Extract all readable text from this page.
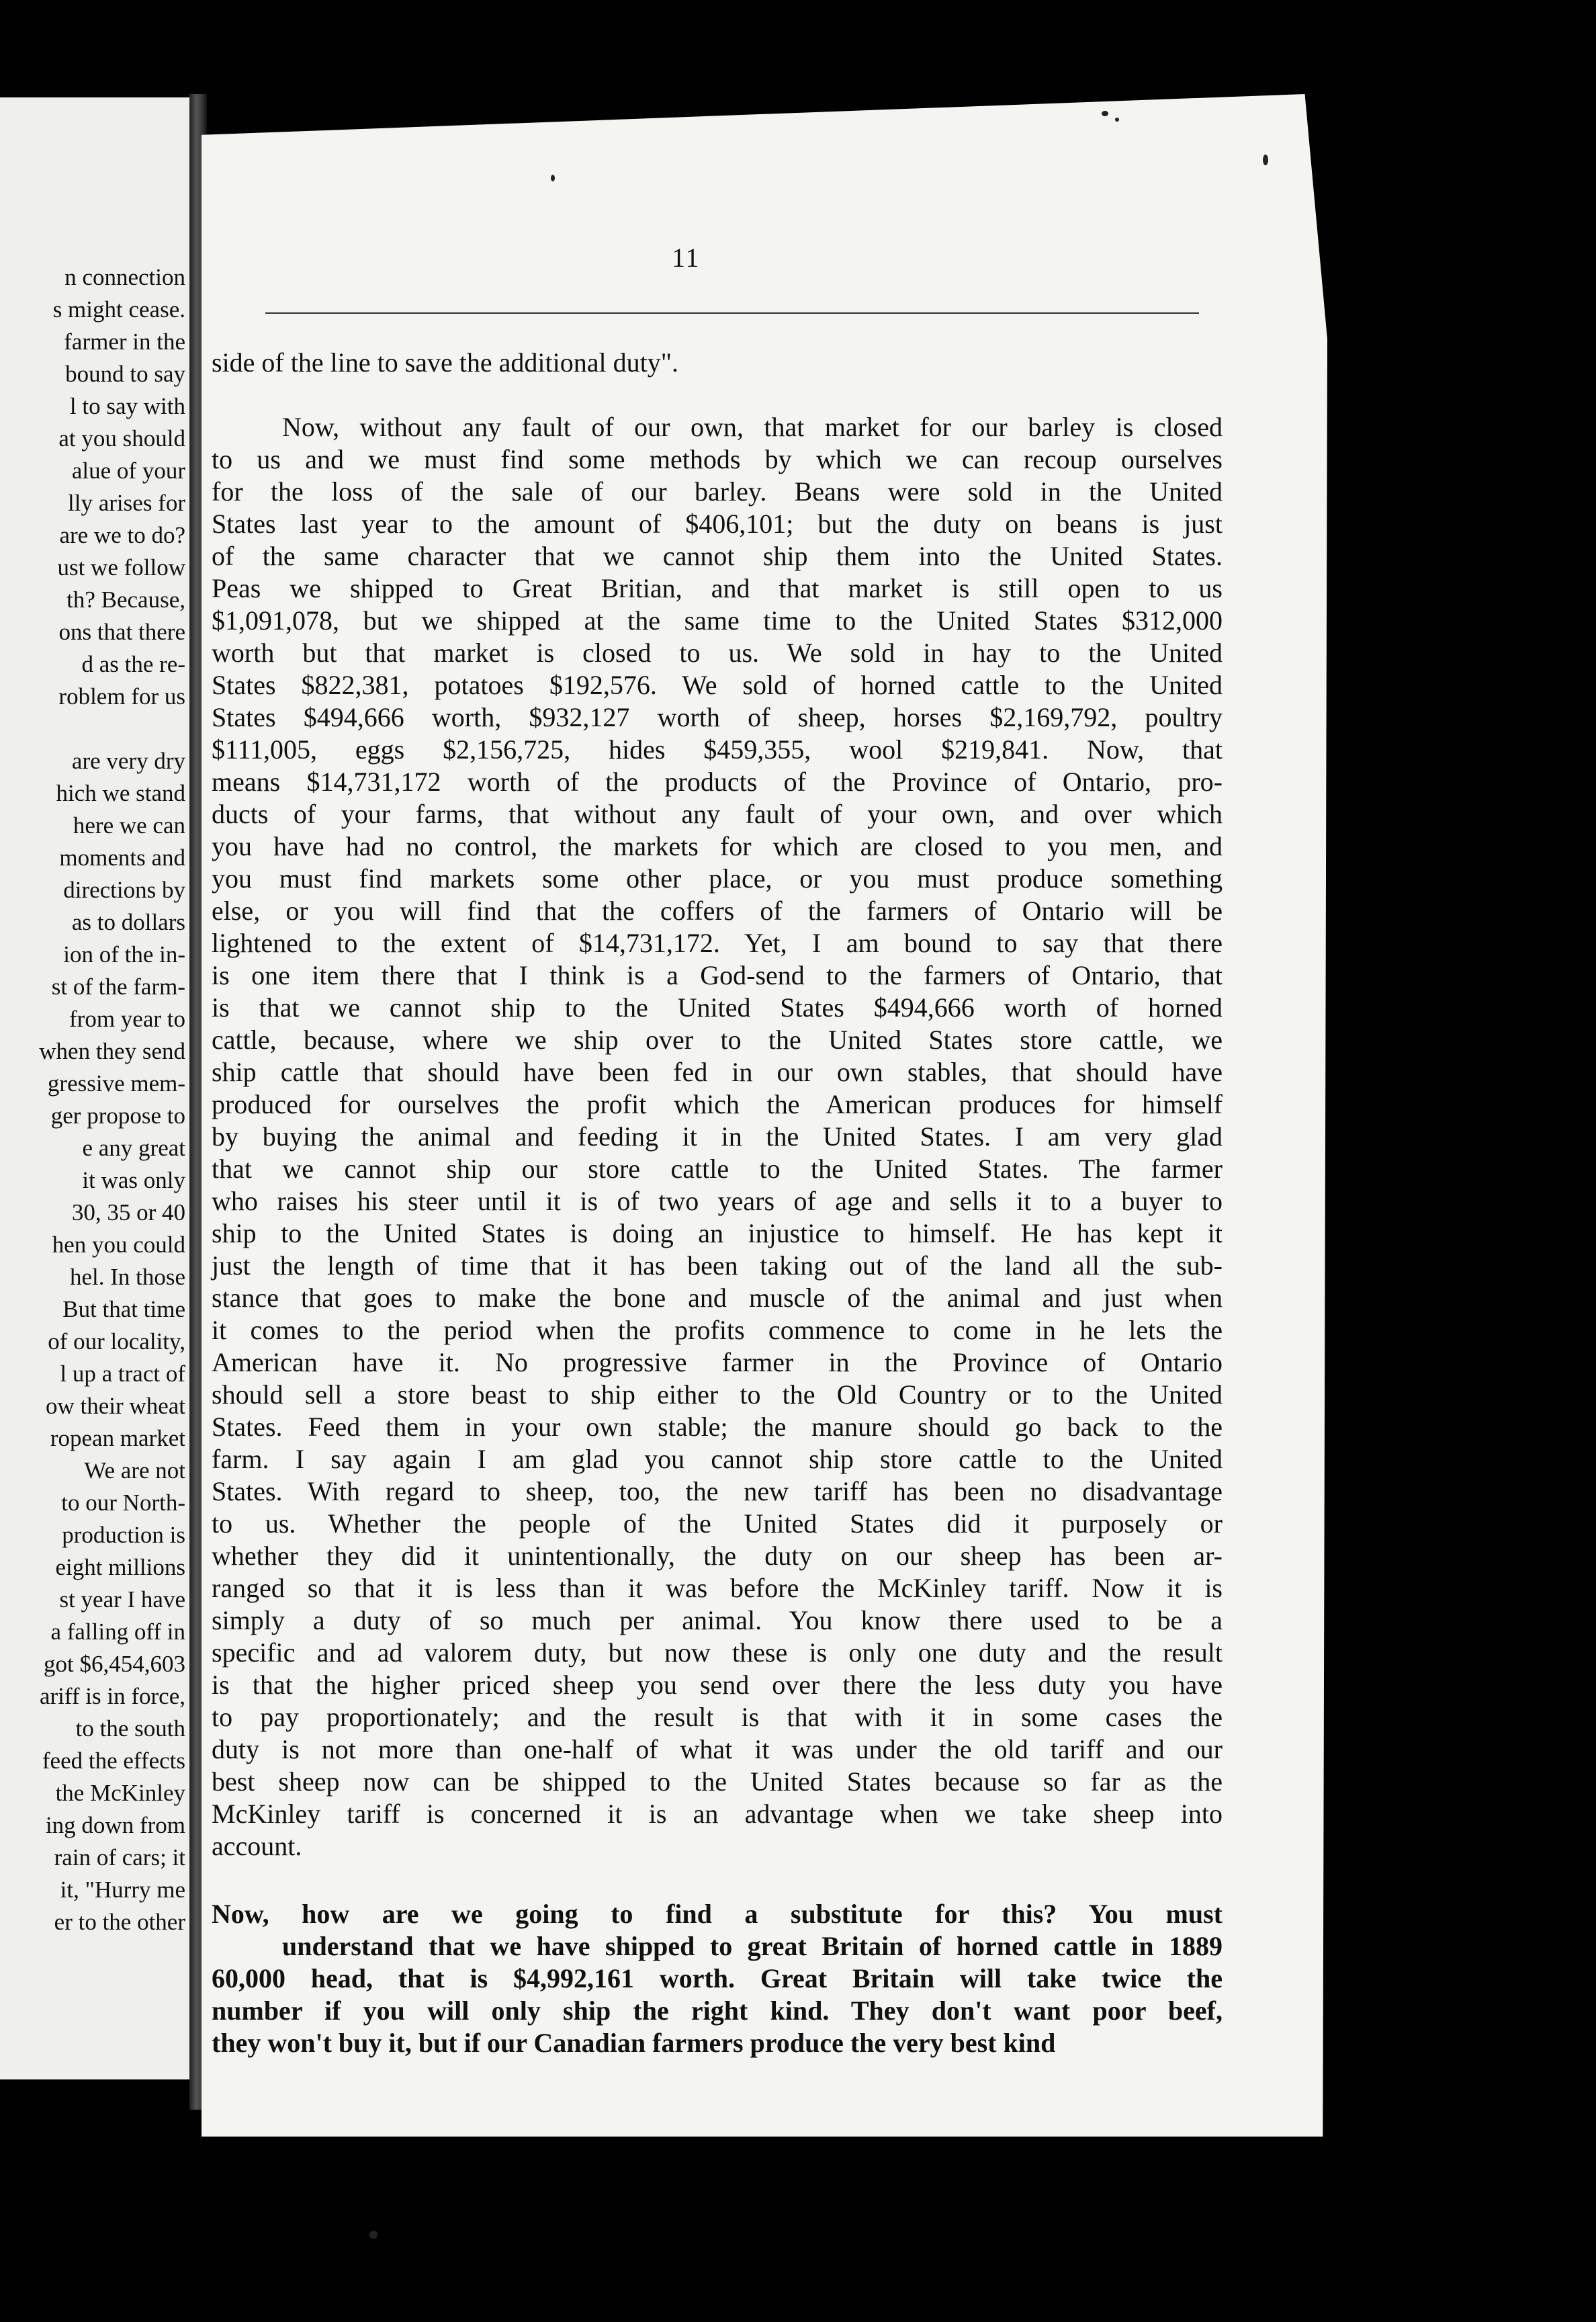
n connection
s might cease.
farmer in the
bound to say
l to say with
at you should
alue of your
lly arises for
are we to do?
ust we follow
th? Because,
ons that there
d as the re-
roblem for us
are very dry
hich we stand
here we can
moments and
directions by
as to dollars
ion of the in-
st of the farm-
from year to
when they send
gressive mem-
ger propose to
e any great
it was only
30, 35 or 40
hen you could
hel. In those
But that time
of our locality,
l up a tract of
ow their wheat
ropean market
We are not
to our North-
production is
eight millions
st year I have
a falling off in
got $6,454,603
ariff is in force,
to the south
feed the effects
the McKinley
ing down from
rain of cars; it
it, "Hurry me
er to the other
11
side of the line to save the additional duty".
Now, without any fault of our own, that market for our barley is closed
to us and we must find some methods by which we can recoup ourselves
for the loss of the sale of our barley. Beans were sold in the United
States last year to the amount of $406,101; but the duty on beans is just
of the same character that we cannot ship them into the United States.
Peas we shipped to Great Britian, and that market is still open to us
$1,091,078, but we shipped at the same time to the United States $312,000
worth but that market is closed to us. We sold in hay to the United
States $822,381, potatoes $192,576. We sold of horned cattle to the United
States $494,666 worth, $932,127 worth of sheep, horses $2,169,792, poultry
$111,005, eggs $2,156,725, hides $459,355, wool $219,841. Now, that
means $14,731,172 worth of the products of the Province of Ontario, pro-
ducts of your farms, that without any fault of your own, and over which
you have had no control, the markets for which are closed to you men, and
you must find markets some other place, or you must produce something
else, or you will find that the coffers of the farmers of Ontario will be
lightened to the extent of $14,731,172. Yet, I am bound to say that there
is one item there that I think is a God-send to the farmers of Ontario, that
is that we cannot ship to the United States $494,666 worth of horned
cattle, because, where we ship over to the United States store cattle, we
ship cattle that should have been fed in our own stables, that should have
produced for ourselves the profit which the American produces for himself
by buying the animal and feeding it in the United States. I am very glad
that we cannot ship our store cattle to the United States. The farmer
who raises his steer until it is of two years of age and sells it to a buyer to
ship to the United States is doing an injustice to himself. He has kept it
just the length of time that it has been taking out of the land all the sub-
stance that goes to make the bone and muscle of the animal and just when
it comes to the period when the profits commence to come in he lets the
American have it. No progressive farmer in the Province of Ontario
should sell a store beast to ship either to the Old Country or to the United
States. Feed them in your own stable; the manure should go back to the
farm. I say again I am glad you cannot ship store cattle to the United
States. With regard to sheep, too, the new tariff has been no disadvantage
to us. Whether the people of the United States did it purposely or
whether they did it unintentionally, the duty on our sheep has been ar-
ranged so that it is less than it was before the McKinley tariff. Now it is
simply a duty of so much per animal. You know there used to be a
specific and ad valorem duty, but now these is only one duty and the result
is that the higher priced sheep you send over there the less duty you have
to pay proportionately; and the result is that with it in some cases the
duty is not more than one-half of what it was under the old tariff and our
best sheep now can be shipped to the United States because so far as the
McKinley tariff is concerned it is an advantage when we take sheep into
account.
Now, how are we going to find a substitute for this? You must
understand that we have shipped to great Britain of horned cattle in 1889
60,000 head, that is $4,992,161 worth. Great Britain will take twice the
number if you will only ship the right kind. They don't want poor beef,
they won't buy it, but if our Canadian farmers produce the very best kind
